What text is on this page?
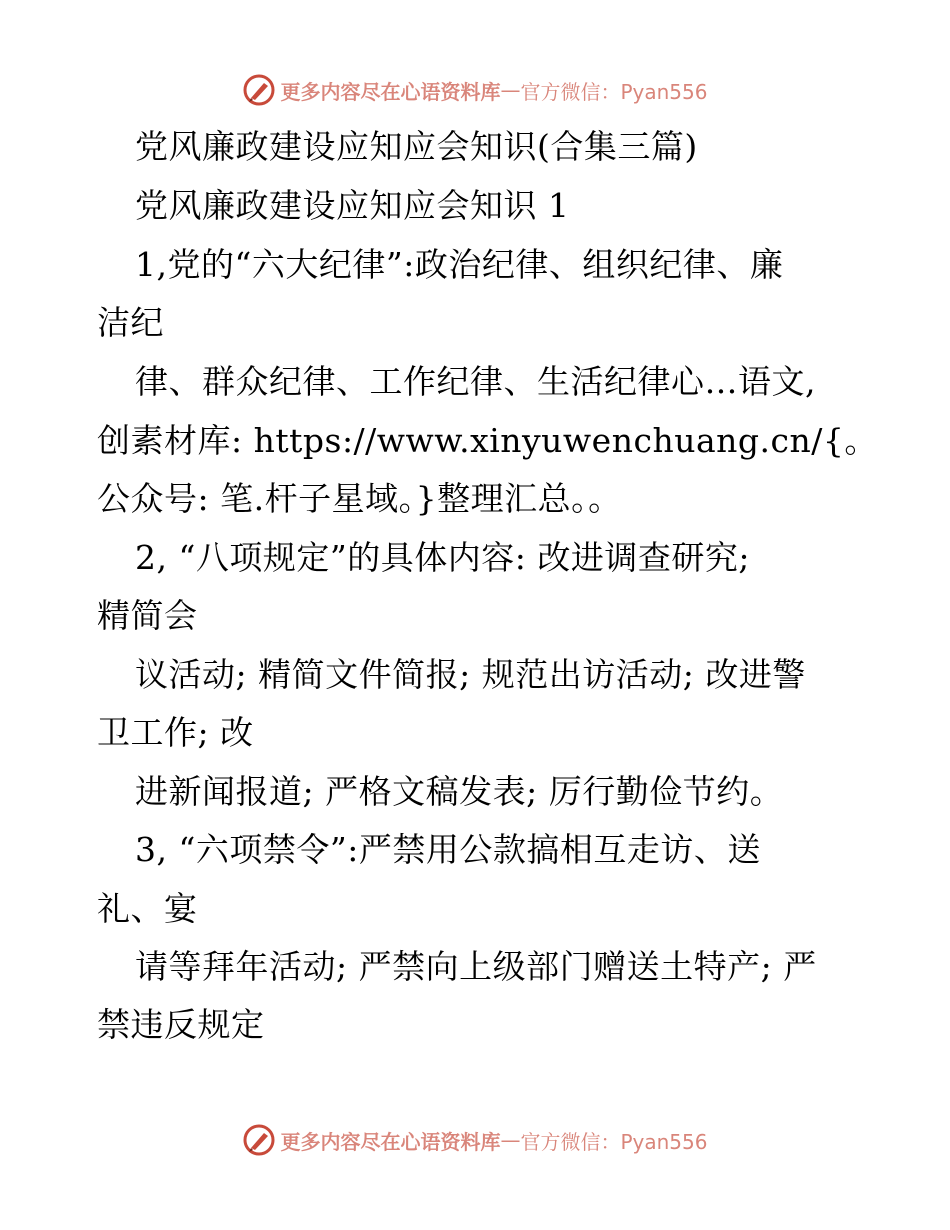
更多内容尽在心语资料库 — 官方微信：Pyan556
党风廉政建设应知应会知识(合集三篇)
党风廉政建设应知应会知识 1
1,党的“六大纪律”:政治纪律、组织纪律、廉
洁纪
律、群众纪律、工作纪律、生活纪律心…语文,
创素材库: https://www.xinyuwenchuang.cn/{。
公众号: 笔.杆子星域。}整理汇总。。
2, “八项规定”的具体内容: 改进调查研究;
精简会
议活动; 精简文件简报; 规范出访活动; 改进警
卫工作; 改
进新闻报道; 严格文稿发表; 厉行勤俭节约。
3, “六项禁令”:严禁用公款搞相互走访、送
礼、宴
请等拜年活动; 严禁向上级部门赠送土特产; 严
禁违反规定
更多内容尽在心语资料库 — 官方微信：Pyan556
